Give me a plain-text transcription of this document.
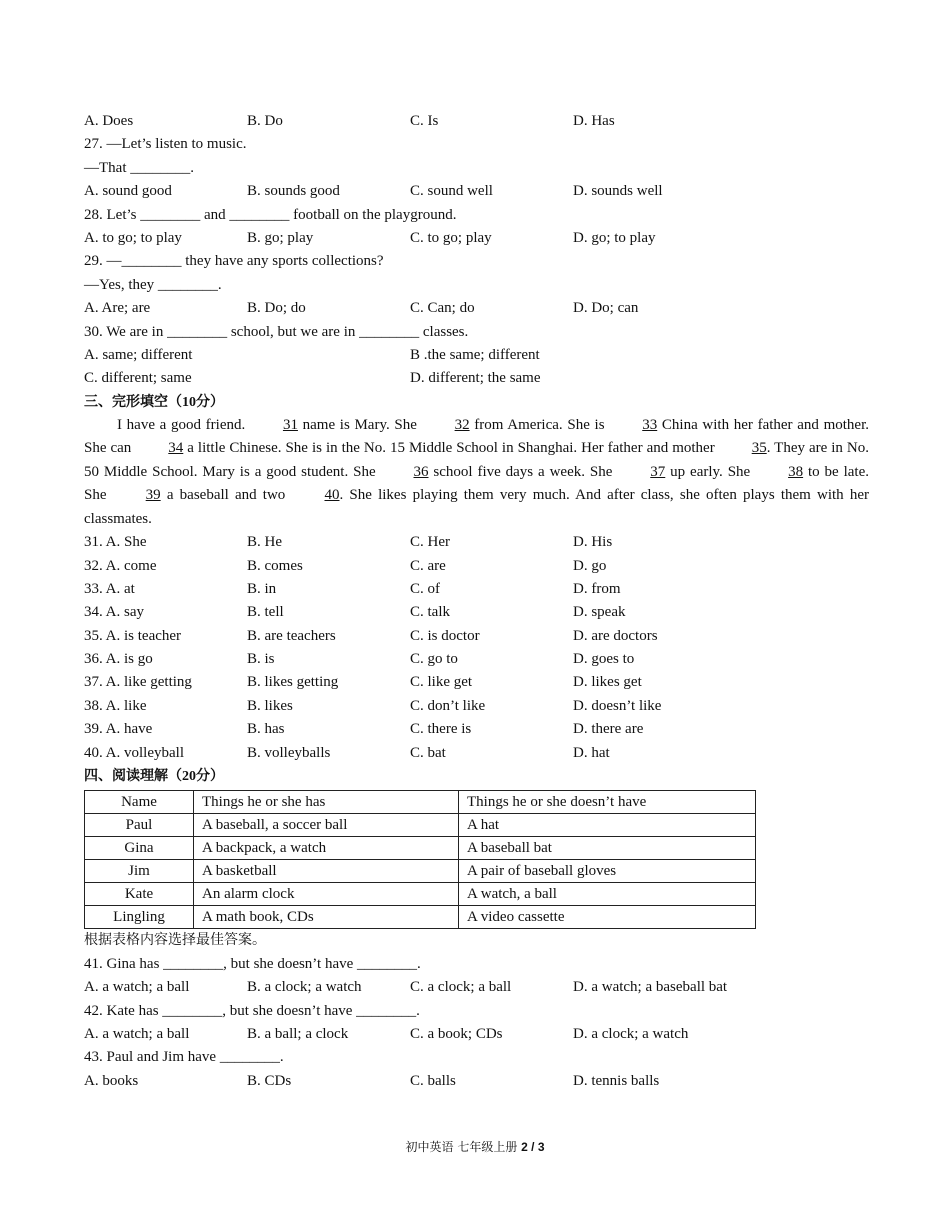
A. Does	B. Do	C. Is	D. Has
27. —Let’s listen to music.
—That ________.
A. sound good	B. sounds good	C. sound well	D. sounds well
28. Let’s ________ and ________ football on the playground.
A. to go; to play	B. go; play	C. to go; play	D. go; to play
29. —________ they have any sports collections?
—Yes, they ________.
A. Are; are	B. Do; do	C. Can; do	D. Do; can
30. We are in ________ school, but we are in ________ classes.
A. same; different	B .the same; different
C. different; same	D. different; the same
三、完形填空（10分）
I have a good friend. 31 name is Mary. She 32 from America. She is 33 China with her father and mother. She can 34 a little Chinese. She is in the No. 15 Middle School in Shanghai. Her father and mother 35. They are in No. 50 Middle School. Mary is a good student. She 36 school five days a week. She 37 up early. She 38 to be late. She 39 a baseball and two 40. She likes playing them very much. And after class, she often plays them with her classmates.
31. A. She	B. He	C. Her	D. His
32. A. come	B. comes	C. are	D. go
33. A. at	B. in	C. of	D. from
34. A. say	B. tell	C. talk	D. speak
35. A. is teacher	B. are teachers	C. is doctor	D. are doctors
36. A. is go	B. is	C. go to	D. goes to
37. A. like getting	B. likes getting	C. like get	D. likes get
38. A. like	B. likes	C. don’t like	D. doesn’t like
39. A. have	B. has	C. there is	D. there are
40. A. volleyball	B. volleyballs	C. bat	D. hat
四、阅读理解（20分）
Name	Things he or she has	Things he or she doesn’t have
Paul	A baseball, a soccer ball	A hat
Gina	A backpack, a watch	A baseball bat
Jim	A basketball	A pair of baseball gloves
Kate	An alarm clock	A watch, a ball
Lingling	A math book, CDs	A video cassette
根据表格内容选择最佳答案。
41. Gina has ________, but she doesn’t have ________.
A. a watch; a ball	B. a clock; a watch	C. a clock; a ball	D. a watch; a baseball bat
42. Kate has ________, but she doesn’t have ________.
A. a watch; a ball	B. a ball; a clock	C. a book; CDs	D. a clock; a watch
43. Paul and Jim have ________.
A. books	B. CDs	C. balls	D. tennis balls
初中英语 七年级上册 2 / 3
